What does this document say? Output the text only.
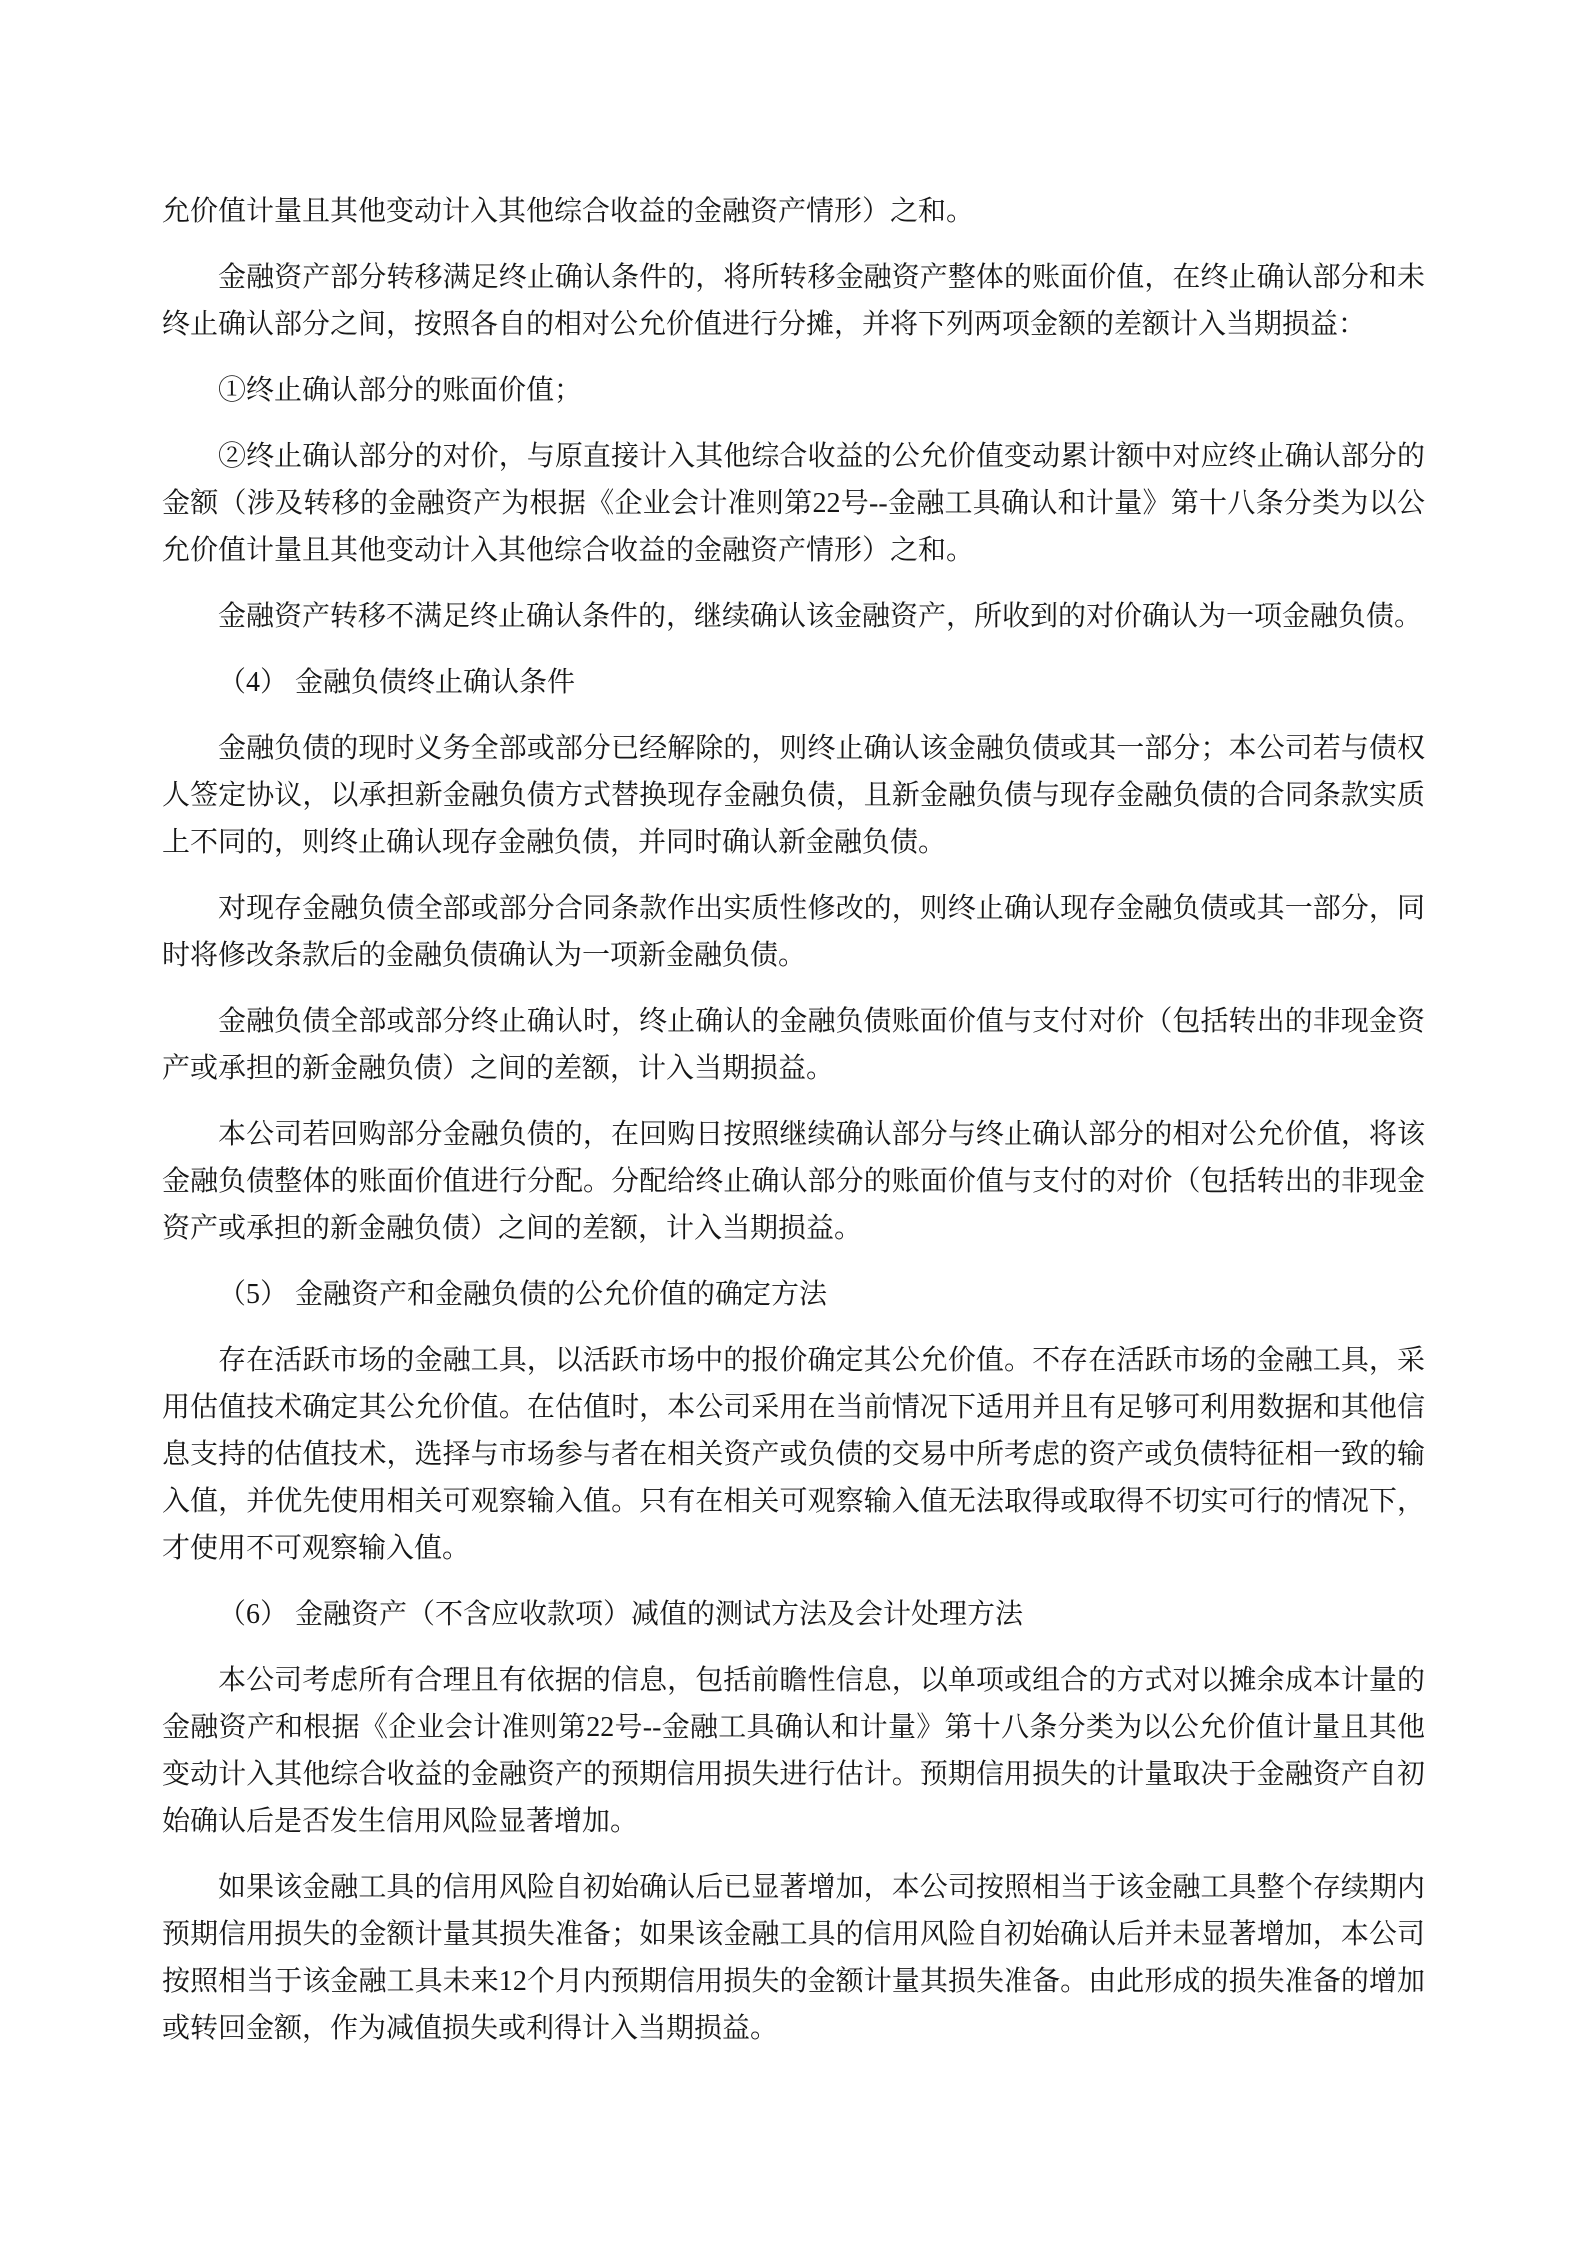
允价值计量且其他变动计入其他综合收益的金融资产情形）之和。

金融资产部分转移满足终止确认条件的，将所转移金融资产整体的账面价值，在终止确认部分和未终止确认部分之间，按照各自的相对公允价值进行分摊，并将下列两项金额的差额计入当期损益：

①终止确认部分的账面价值；

②终止确认部分的对价，与原直接计入其他综合收益的公允价值变动累计额中对应终止确认部分的金额（涉及转移的金融资产为根据《企业会计准则第22号--金融工具确认和计量》第十八条分类为以公允价值计量且其他变动计入其他综合收益的金融资产情形）之和。

金融资产转移不满足终止确认条件的，继续确认该金融资产，所收到的对价确认为一项金融负债。

（4） 金融负债终止确认条件

金融负债的现时义务全部或部分已经解除的，则终止确认该金融负债或其一部分；本公司若与债权人签定协议，以承担新金融负债方式替换现存金融负债，且新金融负债与现存金融负债的合同条款实质上不同的，则终止确认现存金融负债，并同时确认新金融负债。

对现存金融负债全部或部分合同条款作出实质性修改的，则终止确认现存金融负债或其一部分，同时将修改条款后的金融负债确认为一项新金融负债。

金融负债全部或部分终止确认时，终止确认的金融负债账面价值与支付对价（包括转出的非现金资产或承担的新金融负债）之间的差额，计入当期损益。

本公司若回购部分金融负债的，在回购日按照继续确认部分与终止确认部分的相对公允价值，将该金融负债整体的账面价值进行分配。分配给终止确认部分的账面价值与支付的对价（包括转出的非现金资产或承担的新金融负债）之间的差额，计入当期损益。

（5） 金融资产和金融负债的公允价值的确定方法

存在活跃市场的金融工具，以活跃市场中的报价确定其公允价值。不存在活跃市场的金融工具，采用估值技术确定其公允价值。在估值时，本公司采用在当前情况下适用并且有足够可利用数据和其他信息支持的估值技术，选择与市场参与者在相关资产或负债的交易中所考虑的资产或负债特征相一致的输入值，并优先使用相关可观察输入值。只有在相关可观察输入值无法取得或取得不切实可行的情况下，才使用不可观察输入值。

（6） 金融资产（不含应收款项）减值的测试方法及会计处理方法

本公司考虑所有合理且有依据的信息，包括前瞻性信息，以单项或组合的方式对以摊余成本计量的金融资产和根据《企业会计准则第22号--金融工具确认和计量》第十八条分类为以公允价值计量且其他变动计入其他综合收益的金融资产的预期信用损失进行估计。预期信用损失的计量取决于金融资产自初始确认后是否发生信用风险显著增加。

如果该金融工具的信用风险自初始确认后已显著增加，本公司按照相当于该金融工具整个存续期内预期信用损失的金额计量其损失准备；如果该金融工具的信用风险自初始确认后并未显著增加，本公司按照相当于该金融工具未来12个月内预期信用损失的金额计量其损失准备。由此形成的损失准备的增加或转回金额，作为减值损失或利得计入当期损益。
